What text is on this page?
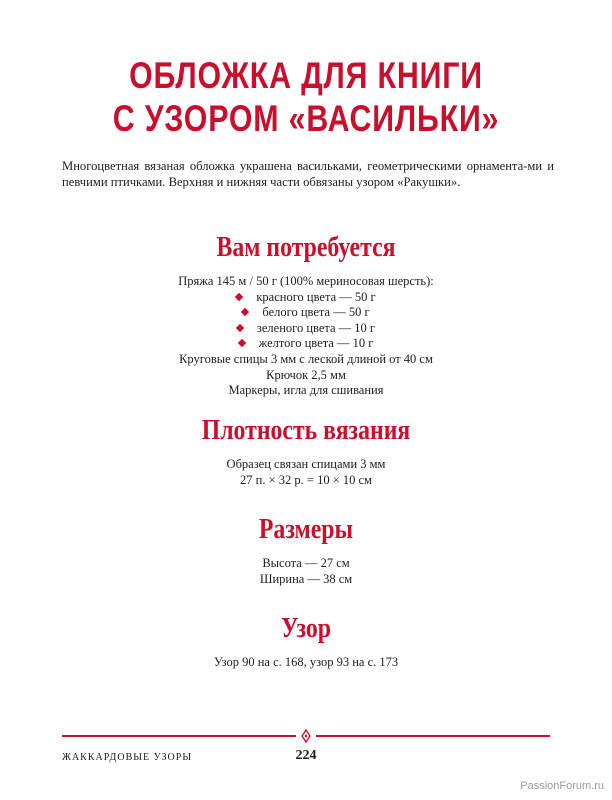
ОБЛОЖКА ДЛЯ КНИГИ
С УЗОРОМ «ВАСИЛЬКИ»

Многоцветная вязаная обложка украшена васильками, геометрическими орнамента-ми и певчими птичками. Верхняя и нижняя части обвязаны узором «Ракушки».

Вам потребуется
Пряжа 145 м / 50 г (100% мериносовая шерсть):
красного цвета — 50 г
белого цвета — 50 г
зеленого цвета — 10 г
желтого цвета — 10 г
Круговые спицы 3 мм с леской длиной от 40 см
Крючок 2,5 мм
Маркеры, игла для сшивания
Плотность вязания
Образец связан спицами 3 мм
27 п. × 32 р. = 10 × 10 см
Размеры
Высота — 27 см
Ширина — 38 см
Узор
Узор 90 на с. 168, узор 93 на с. 173
ЖАККАРДОВЫЕ УЗОРЫ	224
PassionForum.ru
